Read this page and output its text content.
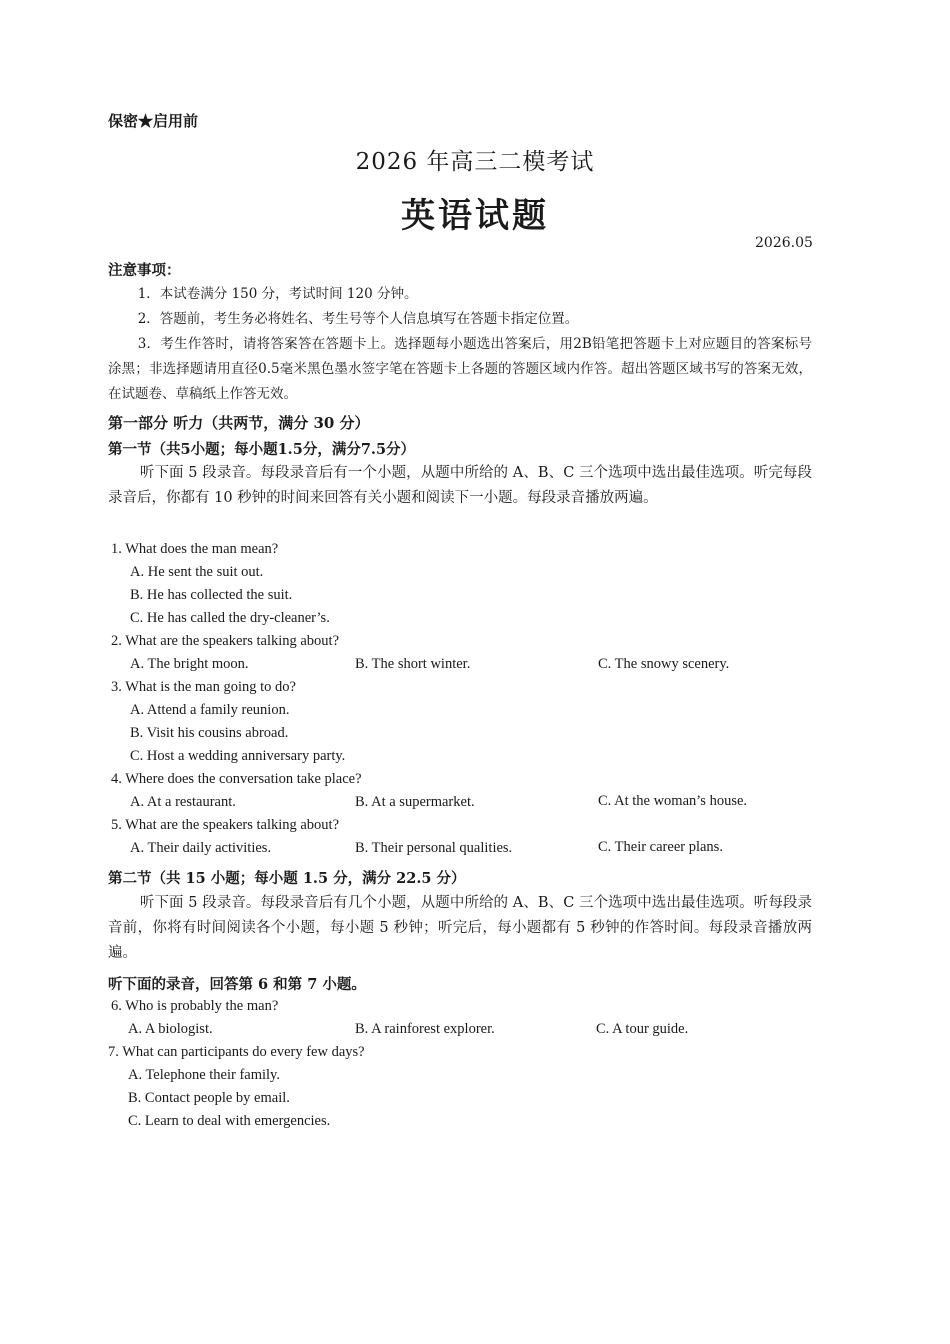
保密★启用前
2026 年高三二模考试
英语试题
2026.05
注意事项：

1．本试卷满分 150 分，考试时间 120 分钟。

2．答题前，考生务必将姓名、考生号等个人信息填写在答题卡指定位置。

3．考生作答时，请将答案答在答题卡上。选择题每小题选出答案后，用2B铅笔把答题卡上对应题目的答案标号涂黑；非选择题请用直径0.5毫米黑色墨水签字笔在答题卡上各题的答题区域内作答。超出答题区域书写的答案无效，在试题卷、草稿纸上作答无效。

第一部分 听力（共两节，满分 30 分）
第一节（共5小题；每小题1.5分，满分7.5分）
听下面 5 段录音。每段录音后有一个小题，从题中所给的 A、B、C 三个选项中选出最佳选项。听完每段录音后，你都有 10 秒钟的时间来回答有关小题和阅读下一小题。每段录音播放两遍。
1. What does the man mean?
A. He sent the suit out.
B. He has collected the suit.
C. He has called the dry-cleaner’s.
2. What are the speakers talking about?
A. The bright moon.	B. The short winter.	C. The snowy scenery.
3. What is the man going to do?
A. Attend a family reunion.
B. Visit his cousins abroad.
C. Host a wedding anniversary party.
4. Where does the conversation take place?
A. At a restaurant.	B. At a supermarket.	C. At the woman’s house.
5. What are the speakers talking about?
A. Their daily activities.	B. Their personal qualities.	C. Their career plans.
第二节（共 15 小题；每小题 1.5 分，满分 22.5 分）
听下面 5 段录音。每段录音后有几个小题，从题中所给的 A、B、C 三个选项中选出最佳选项。听每段录音前，你将有时间阅读各个小题，每小题 5 秒钟；听完后，每小题都有 5 秒钟的作答时间。每段录音播放两遍。
听下面的录音，回答第 6 和第 7 小题。
6. Who is probably the man?
A. A biologist.	B. A rainforest explorer.	C. A tour guide.
7. What can participants do every few days?
A. Telephone their family.
B. Contact people by email.
C. Learn to deal with emergencies.
